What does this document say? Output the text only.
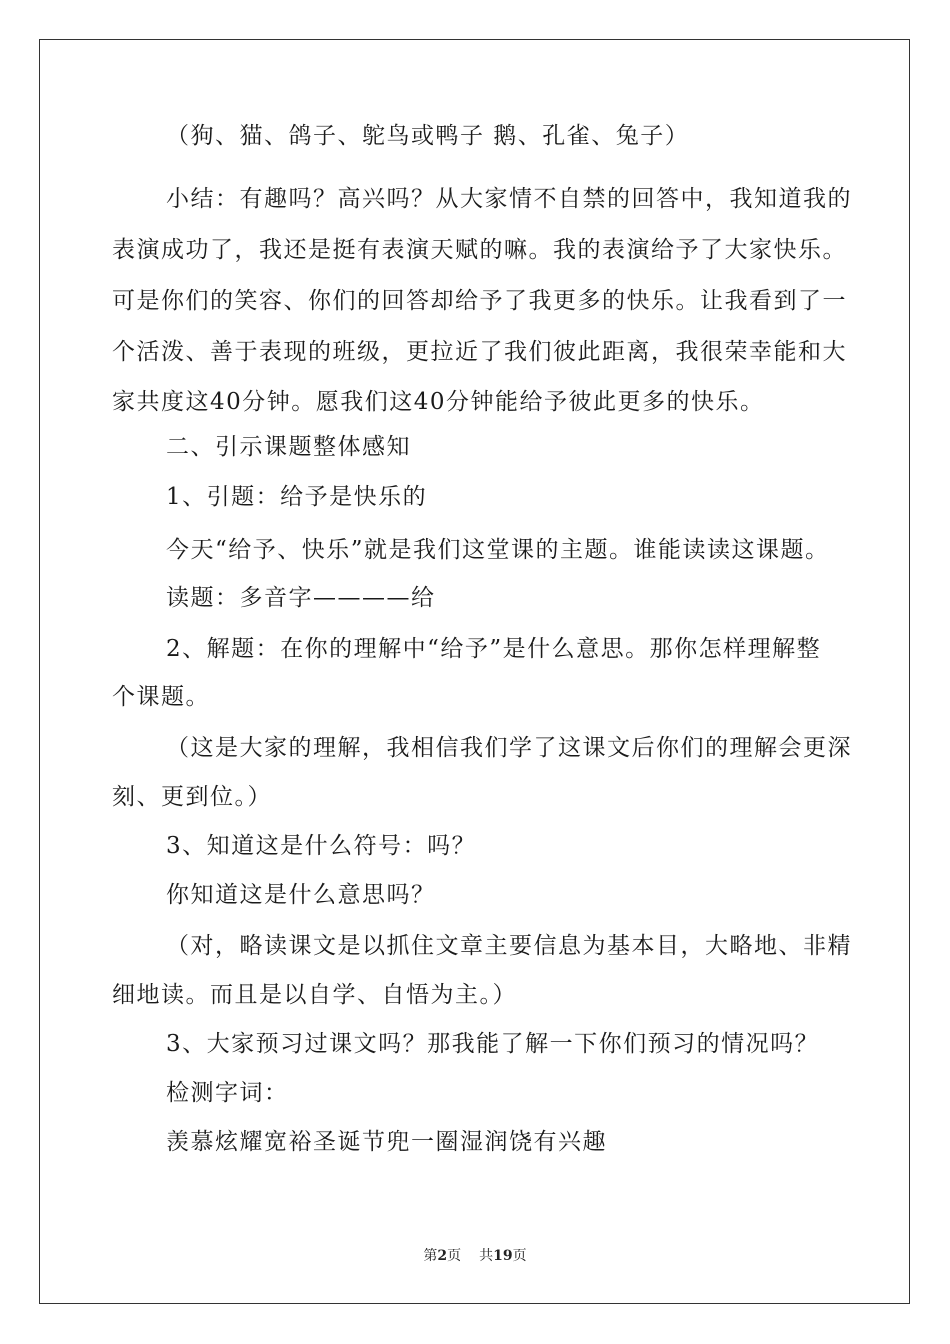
（狗、猫、鸽子、鸵鸟或鸭子 鹅、孔雀、兔子）
小结：有趣吗？高兴吗？从大家情不自禁的回答中，我知道我的
表演成功了，我还是挺有表演天赋的嘛。我的表演给予了大家快乐。
可是你们的笑容、你们的回答却给予了我更多的快乐。让我看到了一
个活泼、善于表现的班级，更拉近了我们彼此距离，我很荣幸能和大
家共度这40分钟。愿我们这40分钟能给予彼此更多的快乐。
二、引示课题整体感知
1、引题：给予是快乐的
今天“给予、快乐”就是我们这堂课的主题。谁能读读这课题。
读题：多音字————给
2、解题：在你的理解中“给予”是什么意思。那你怎样理解整
个课题。
（这是大家的理解，我相信我们学了这课文后你们的理解会更深
刻、更到位。）
3、知道这是什么符号：吗？
你知道这是什么意思吗？
（对，略读课文是以抓住文章主要信息为基本目，大略地、非精
细地读。而且是以自学、自悟为主。）
3、大家预习过课文吗？那我能了解一下你们预习的情况吗？
检测字词：
羡慕炫耀宽裕圣诞节兜一圈湿润饶有兴趣
第2页 共19页
